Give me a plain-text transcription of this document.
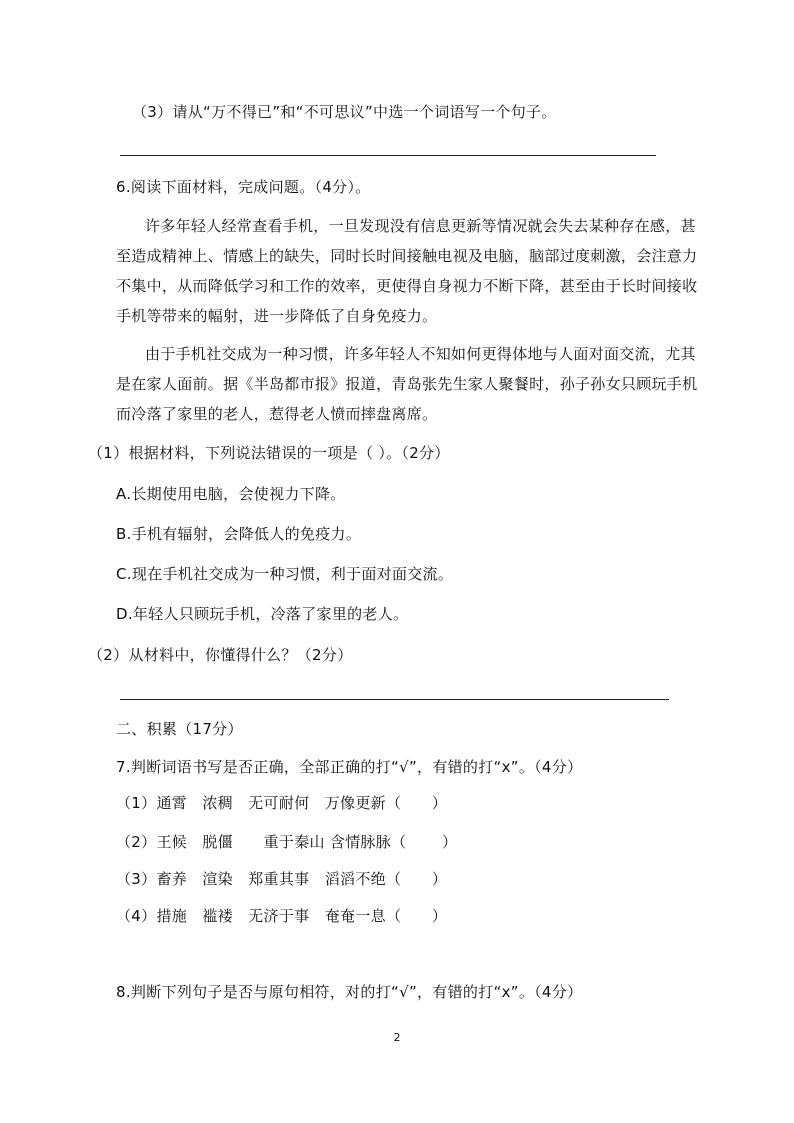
（3）请从“万不得已”和“不可思议”中选一个词语写一个句子。
6.阅读下面材料，完成问题。（4分）。
许多年轻人经常查看手机，一旦发现没有信息更新等情况就会失去某种存在感，甚
至造成精神上、情感上的缺失，同时长时间接触电视及电脑，脑部过度刺激，会注意力
不集中，从而降低学习和工作的效率，更使得自身视力不断下降，甚至由于长时间接收
手机等带来的幅射，进一步降低了自身免疫力。
由于手机社交成为一种习惯，许多年轻人不知如何更得体地与人面对面交流，尤其
是在家人面前。据《半岛都市报》报道，青岛张先生家人聚餐时，孙子孙女只顾玩手机
而冷落了家里的老人，惹得老人愤而摔盘离席。
（1）根据材料，下列说法错误的一项是（ ）。（2分）
A.长期使用电脑，会使视力下降。
B.手机有辐射，会降低人的免疫力。
C.现在手机社交成为一种习惯，利于面对面交流。
D.年轻人只顾玩手机，冷落了家里的老人。
（2）从材料中，你懂得什么？（2分）
二、积累（17分）
7.判断词语书写是否正确，全部正确的打“√”，有错的打“x”。（4分）
（1）通霄　浓稠　无可耐何　万像更新（　　）
（2）王候　脱僵　　重于秦山 含情脉脉（　　 ）
（3）畜养　渲染　郑重其事　滔滔不绝（　　）
（4）措施　褴褛　无济于事　奄奄一息（　　）
8.判断下列句子是否与原句相符，对的打“√”，有错的打“x”。（4分）
2
